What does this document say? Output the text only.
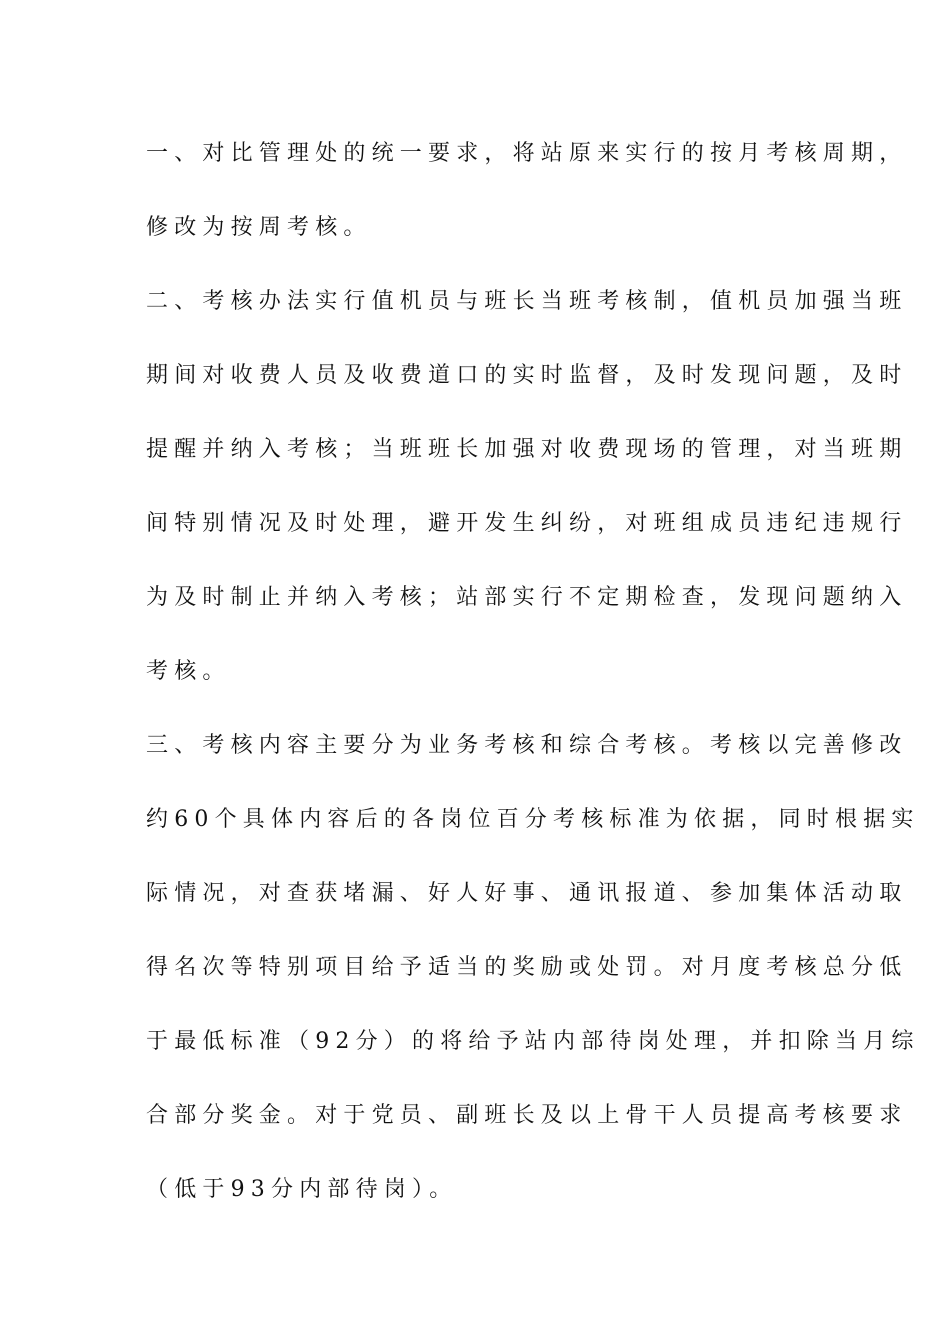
一、对比管理处的统一要求，将站原来实行的按月考核周期，

修改为按周考核。

二、考核办法实行值机员与班长当班考核制，值机员加强当班

期间对收费人员及收费道口的实时监督，及时发现问题，及时

提醒并纳入考核；当班班长加强对收费现场的管理，对当班期

间特别情况及时处理，避开发生纠纷，对班组成员违纪违规行

为及时制止并纳入考核；站部实行不定期检查，发现问题纳入

考核。

三、考核内容主要分为业务考核和综合考核。考核以完善修改

约60个具体内容后的各岗位百分考核标准为依据，同时根据实

际情况，对查获堵漏、好人好事、通讯报道、参加集体活动取

得名次等特别项目给予适当的奖励或处罚。对月度考核总分低

于最低标准（92分）的将给予站内部待岗处理，并扣除当月综

合部分奖金。对于党员、副班长及以上骨干人员提高考核要求

（低于93分内部待岗）。
